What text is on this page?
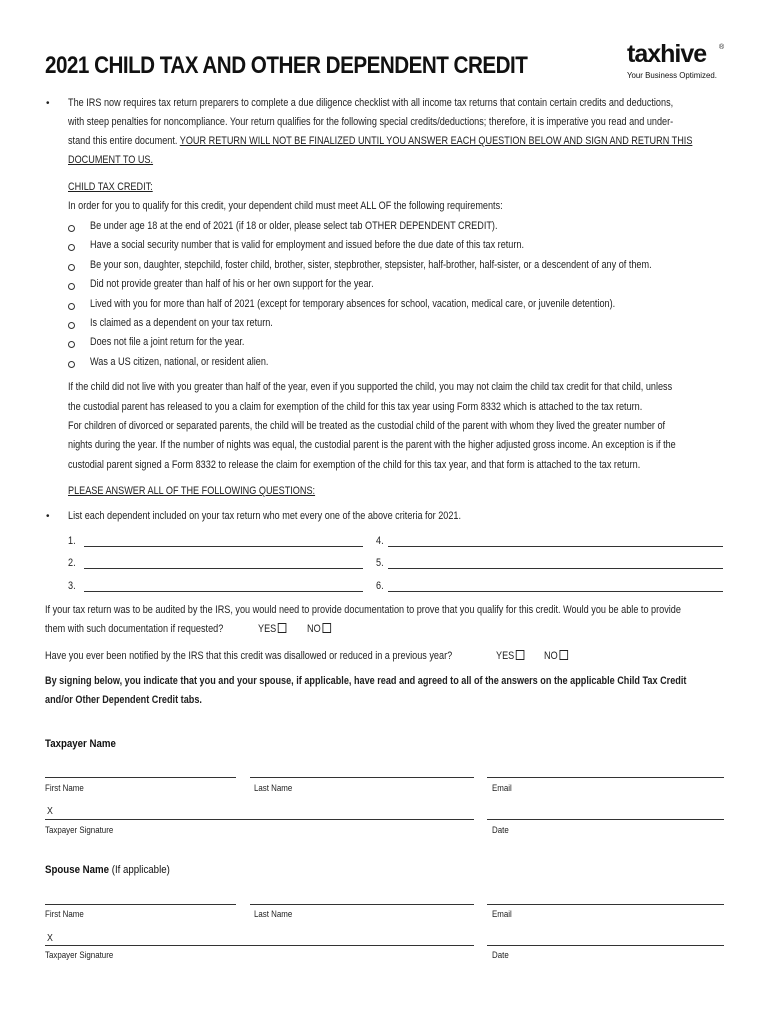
2021 CHILD TAX AND OTHER DEPENDENT CREDIT	taxhive ®
Your Business Optimized.
• The IRS now requires tax return preparers to complete a due diligence checklist with all income tax returns that contain certain credits and deductions,
with steep penalties for noncompliance. Your return qualifies for the following special credits/deductions; therefore, it is imperative you read and under-
stand this entire document. YOUR RETURN WILL NOT BE FINALIZED UNTIL YOU ANSWER EACH QUESTION BELOW AND SIGN AND RETURN THIS
DOCUMENT TO US.
CHILD TAX CREDIT:
In order for you to qualify for this credit, your dependent child must meet ALL OF the following requirements:
Be under age 18 at the end of 2021 (if 18 or older, please select tab OTHER DEPENDENT CREDIT).
Have a social security number that is valid for employment and issued before the due date of this tax return.
Be your son, daughter, stepchild, foster child, brother, sister, stepbrother, stepsister, half-brother, half-sister, or a descendent of any of them.
Did not provide greater than half of his or her own support for the year.
Lived with you for more than half of 2021 (except for temporary absences for school, vacation, medical care, or juvenile detention).
Is claimed as a dependent on your tax return.
Does not file a joint return for the year.
Was a US citizen, national, or resident alien.
If the child did not live with you greater than half of the year, even if you supported the child, you may not claim the child tax credit for that child, unless
the custodial parent has released to you a claim for exemption of the child for this tax year using Form 8332 which is attached to the tax return.
For children of divorced or separated parents, the child will be treated as the custodial child of the parent with whom they lived the greater number of
nights during the year. If the number of nights was equal, the custodial parent is the parent with the higher adjusted gross income. An exception is if the
custodial parent signed a Form 8332 to release the claim for exemption of the child for this tax year, and that form is attached to the tax return.
PLEASE ANSWER ALL OF THE FOLLOWING QUESTIONS:
• List each dependent included on your tax return who met every one of the above criteria for 2021.
1.	4.
2.	5.
3.	6.
If your tax return was to be audited by the IRS, you would need to provide documentation to prove that you qualify for this credit. Would you be able to provide
them with such documentation if requested?	YES	NO
Have you ever been notified by the IRS that this credit was disallowed or reduced in a previous year?	YES	NO
By signing below, you indicate that you and your spouse, if applicable, have read and agreed to all of the answers on the applicable Child Tax Credit
and/or Other Dependent Credit tabs.
Taxpayer Name
First Name	Last Name	Email
X
Taxpayer Signature	Date
Spouse Name (If applicable)
First Name	Last Name	Email
X
Taxpayer Signature	Date
